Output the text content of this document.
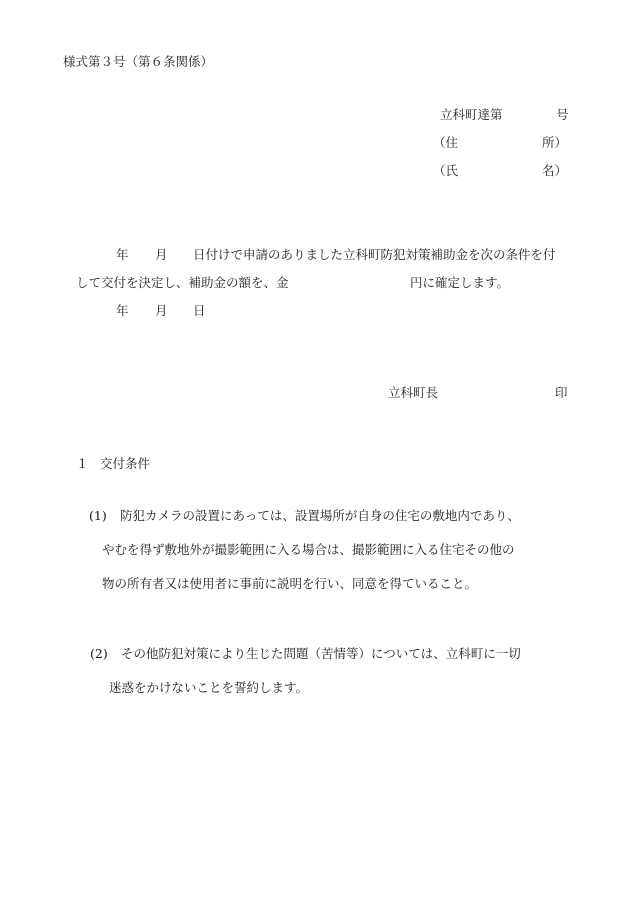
様式第３号（第６条関係）
立科町達第	号
（住	所）
（氏	名）
年 月 日付けで申請のありました立科町防犯対策補助金を次の条件を付
して交付を決定し、補助金の額を、金	円に確定します。
年 月 日
立科町長	印
１ 交付条件
(1) 防犯カメラの設置にあっては、設置場所が自身の住宅の敷地内であり、
やむを得ず敷地外が撮影範囲に入る場合は、撮影範囲に入る住宅その他の
物の所有者又は使用者に事前に説明を行い、同意を得ていること。
(2) その他防犯対策により生じた問題（苦情等）については、立科町に一切
迷惑をかけないことを誓約します。
